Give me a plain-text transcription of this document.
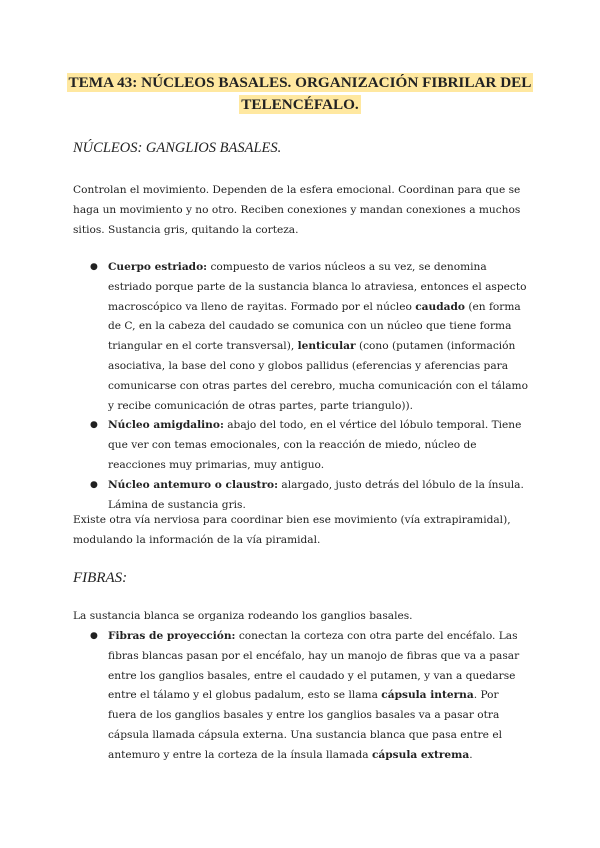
TEMA 43: NÚCLEOS BASALES. ORGANIZACIÓN FIBRILAR DEL
TELENCÉFALO.
NÚCLEOS: GANGLIOS BASALES.
Controlan el movimiento. Dependen de la esfera emocional. Coordinan para que se haga un movimiento y no otro. Reciben conexiones y mandan conexiones a muchos sitios. Sustancia gris, quitando la corteza.
● Cuerpo estriado: compuesto de varios núcleos a su vez, se denomina estriado porque parte de la sustancia blanca lo atraviesa, entonces el aspecto macroscópico va lleno de rayitas. Formado por el núcleo caudado (en forma de C, en la cabeza del caudado se comunica con un núcleo que tiene forma triangular en el corte transversal), lenticular (cono (putamen (información asociativa, la base del cono y globos pallidus (eferencias y aferencias para comunicarse con otras partes del cerebro, mucha comunicación con el tálamo y recibe comunicación de otras partes, parte triangulo)).
● Núcleo amigdalino: abajo del todo, en el vértice del lóbulo temporal. Tiene que ver con temas emocionales, con la reacción de miedo, núcleo de reacciones muy primarias, muy antiguo.
● Núcleo antemuro o claustro: alargado, justo detrás del lóbulo de la ínsula. Lámina de sustancia gris.
Existe otra vía nerviosa para coordinar bien ese movimiento (vía extrapiramidal), modulando la información de la vía piramidal.
FIBRAS:
La sustancia blanca se organiza rodeando los ganglios basales.
● Fibras de proyección: conectan la corteza con otra parte del encéfalo. Las fibras blancas pasan por el encéfalo, hay un manojo de fibras que va a pasar entre los ganglios basales, entre el caudado y el putamen, y van a quedarse entre el tálamo y el globus padalum, esto se llama cápsula interna. Por fuera de los ganglios basales y entre los ganglios basales va a pasar otra cápsula llamada cápsula externa. Una sustancia blanca que pasa entre el antemuro y entre la corteza de la ínsula llamada cápsula extrema.
